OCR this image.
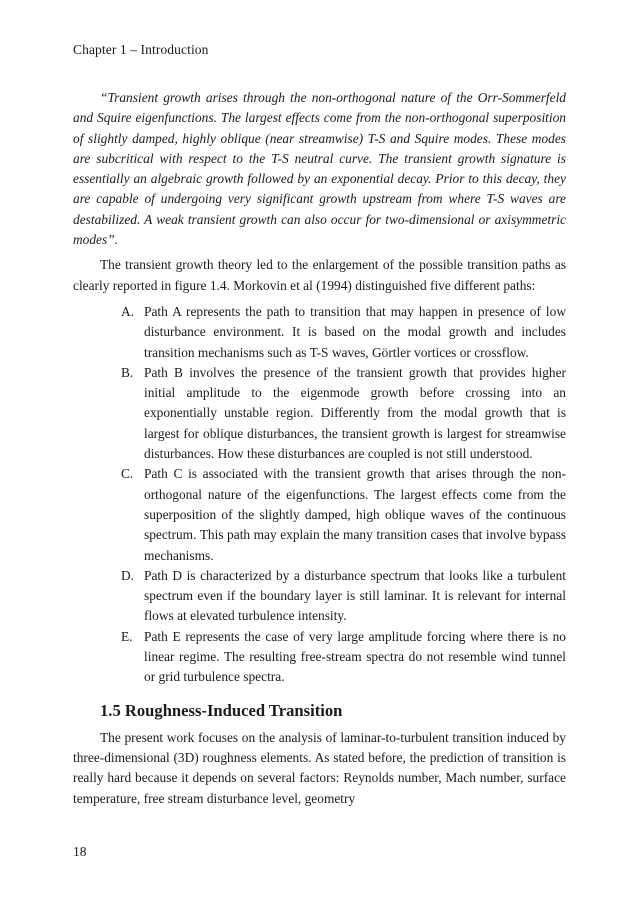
Chapter 1 – Introduction

“Transient growth arises through the non-orthogonal nature of the Orr-Sommerfeld and Squire eigenfunctions. The largest effects come from the non-orthogonal superposition of slightly damped, highly oblique (near streamwise) T-S and Squire modes. These modes are subcritical with respect to the T-S neutral curve. The transient growth signature is essentially an algebraic growth followed by an exponential decay. Prior to this decay, they are capable of undergoing very significant growth upstream from where T-S waves are destabilized. A weak transient growth can also occur for two-dimensional or axisymmetric modes”.

The transient growth theory led to the enlargement of the possible transition paths as clearly reported in figure 1.4. Morkovin et al (1994) distinguished five different paths:

A. Path A represents the path to transition that may happen in presence of low disturbance environment. It is based on the modal growth and includes transition mechanisms such as T-S waves, Görtler vortices or crossflow.
B. Path B involves the presence of the transient growth that provides higher initial amplitude to the eigenmode growth before crossing into an exponentially unstable region. Differently from the modal growth that is largest for oblique disturbances, the transient growth is largest for streamwise disturbances. How these disturbances are coupled is not still understood.
C. Path C is associated with the transient growth that arises through the non-orthogonal nature of the eigenfunctions. The largest effects come from the superposition of the slightly damped, high oblique waves of the continuous spectrum. This path may explain the many transition cases that involve bypass mechanisms.
D. Path D is characterized by a disturbance spectrum that looks like a turbulent spectrum even if the boundary layer is still laminar. It is relevant for internal flows at elevated turbulence intensity.
E. Path E represents the case of very large amplitude forcing where there is no linear regime. The resulting free-stream spectra do not resemble wind tunnel or grid turbulence spectra.
1.5 Roughness-Induced Transition

The present work focuses on the analysis of laminar-to-turbulent transition induced by three-dimensional (3D) roughness elements. As stated before, the prediction of transition is really hard because it depends on several factors: Reynolds number, Mach number, surface temperature, free stream disturbance level, geometry

18
